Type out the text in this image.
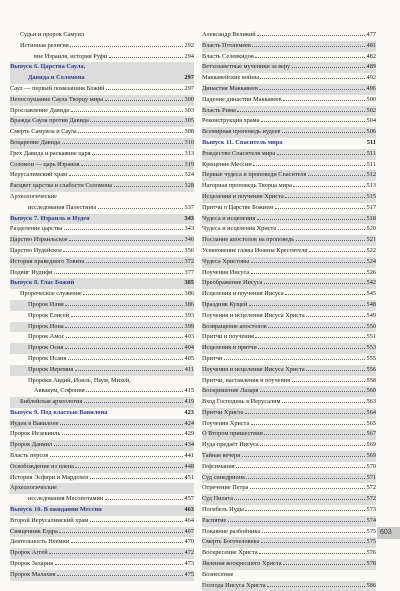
Судьи и пророк Самуил
Истинная религия	292
вне Израиля, история Руфи	294
Выпуск 6. Царства Саула,
Давида и Соломона	297
Саул — первый помазанник Божий	297
Непослушание Саула Творцу мира	300
Прославление Давида	303
Вражда Саула против Давида	305
Смерть Самуила и Саула	308
Воцарение Давида	310
Грех Давида и раскаяние царя	313
Соломон — царь Израиля	319
Иерусалимский храм	324
Расцвет царства и слабости Соломона	328
Археологические
исследования Палестины	337
Выпуск 7. Израиль и Иудея	343
Разделение царства	343
Царство Израильское	346
Царство Иудейское	356
История праведного Товита	372
Подвиг Иудифи	377
Выпуск 8. Глас Божий	385
Пророческое служение	386
Пророк Илия	386
Пророк Елисей	393
Пророк Иона	399
Пророк Амос	403
Пророк Осия	404
Пророк Исаия	405
Пророк Иеремия	411
Пророки Авдий, Иоиль, Наум, Михей,
Аввакум, Софония	415
Библейская археология	419
Выпуск 9. Под властью Вавилона	423
Иудеи в Вавилоне	424
Пророк Иезекииль	429
Пророк Даниил	434
Власть персов	441
Освобождение из плена	448
История Эсфири и Мардохея	451
Археологические
исследования Месопотамии	457
Выпуск 10. В ожидании Мессии	463
Второй Иерусалимский храм	464
Священник Ездра	467
Деятельность Неемии	470
Пророк Аггей	472
Пророк Захария	473
Пророк Малахия	475
Александр Великий	477
Власть Птолемеев	481
Власть Селевкидов	482
Ветхозаветные мученики за веру	489
Маккавейские войны	492
Династия Маккавеев	496
Падение династии Маккавеев	500
Власть Рима	502
Реконструкция храма	504
Всемирная проповедь иудеев	506
Выпуск 11. Спаситель мира	511
Рождество Спасителя мира	511
Крещение Мессии	511
Первые чудеса и проповеди Спасителя	512
Нагорная проповедь Творца мира	513
Исцеления и поучения Христа	515
Притчи о Царстве Божием	517
Чудеса и исцеления	518
Чудеса и исцеления Христа	520
Послание апостолов на проповедь	521
Усекновение главы Иоанна Крестителя	522
Чудеса Христовы	524
Поучения Иисуса	526
Преображение Иисуса	542
Исцеления и поучения Иисуса	545
Праздник Кущей	548
Поучения и исцеления Иисуса Христа	549
Возвращение апостолов	550
Притчи и поучения	551
Исцеления и притчи	553
Притчи	555
Поучения и исцеления Иисуса Христа	556
Притчи, наставления и поучения	558
Воскрешение Лазаря	560
Вход Господень в Иерусалим	563
Притчи Христа	564
Поучения Христа	565
О Втором пришествии	567
Иуда предаёт Иисуса	569
Тайная вечеря	569
Гефсимания	570
Суд синедриона	571
Отречение Петра	572
Суд Пилата	572
Погибель Иуды	573
Распятие	574
Покаяние разбойника	575
Смерть Богочеловека	575
Воскресение Христа	576
Явления воскресшего Христа	578
Вознесение
Господа Иисуса Христа	586
603
